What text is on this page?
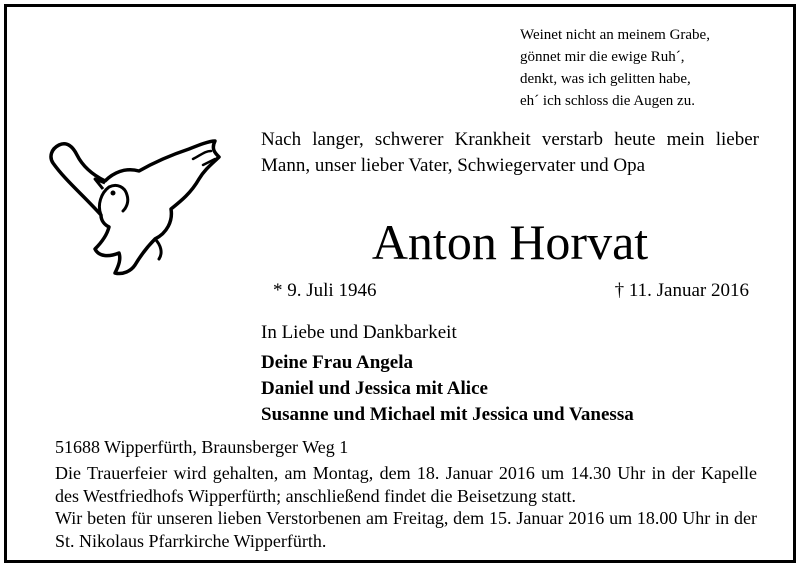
Weinet nicht an meinem Grabe,
gönnet mir die ewige Ruh´,
denkt, was ich gelitten habe,
eh´ ich schloss die Augen zu.
Nach langer, schwerer Krankheit verstarb heute mein lieber Mann, unser lieber Vater, Schwiegervater und Opa
Anton Horvat
* 9. Juli 1946	† 11. Januar 2016
In Liebe und Dankbarkeit
Deine Frau Angela
Daniel und Jessica mit Alice
Susanne und Michael mit Jessica und Vanessa
51688 Wipperfürth, Braunsberger Weg 1

Die Trauerfeier wird gehalten, am Montag, dem 18. Januar 2016 um 14.30 Uhr in der Kapelle des Westfriedhofs Wipperfürth; anschließend findet die Beisetzung statt.

Wir beten für unseren lieben Verstorbenen am Freitag, dem 15. Januar 2016 um 18.00 Uhr in der St. Nikolaus Pfarrkirche Wipperfürth.
